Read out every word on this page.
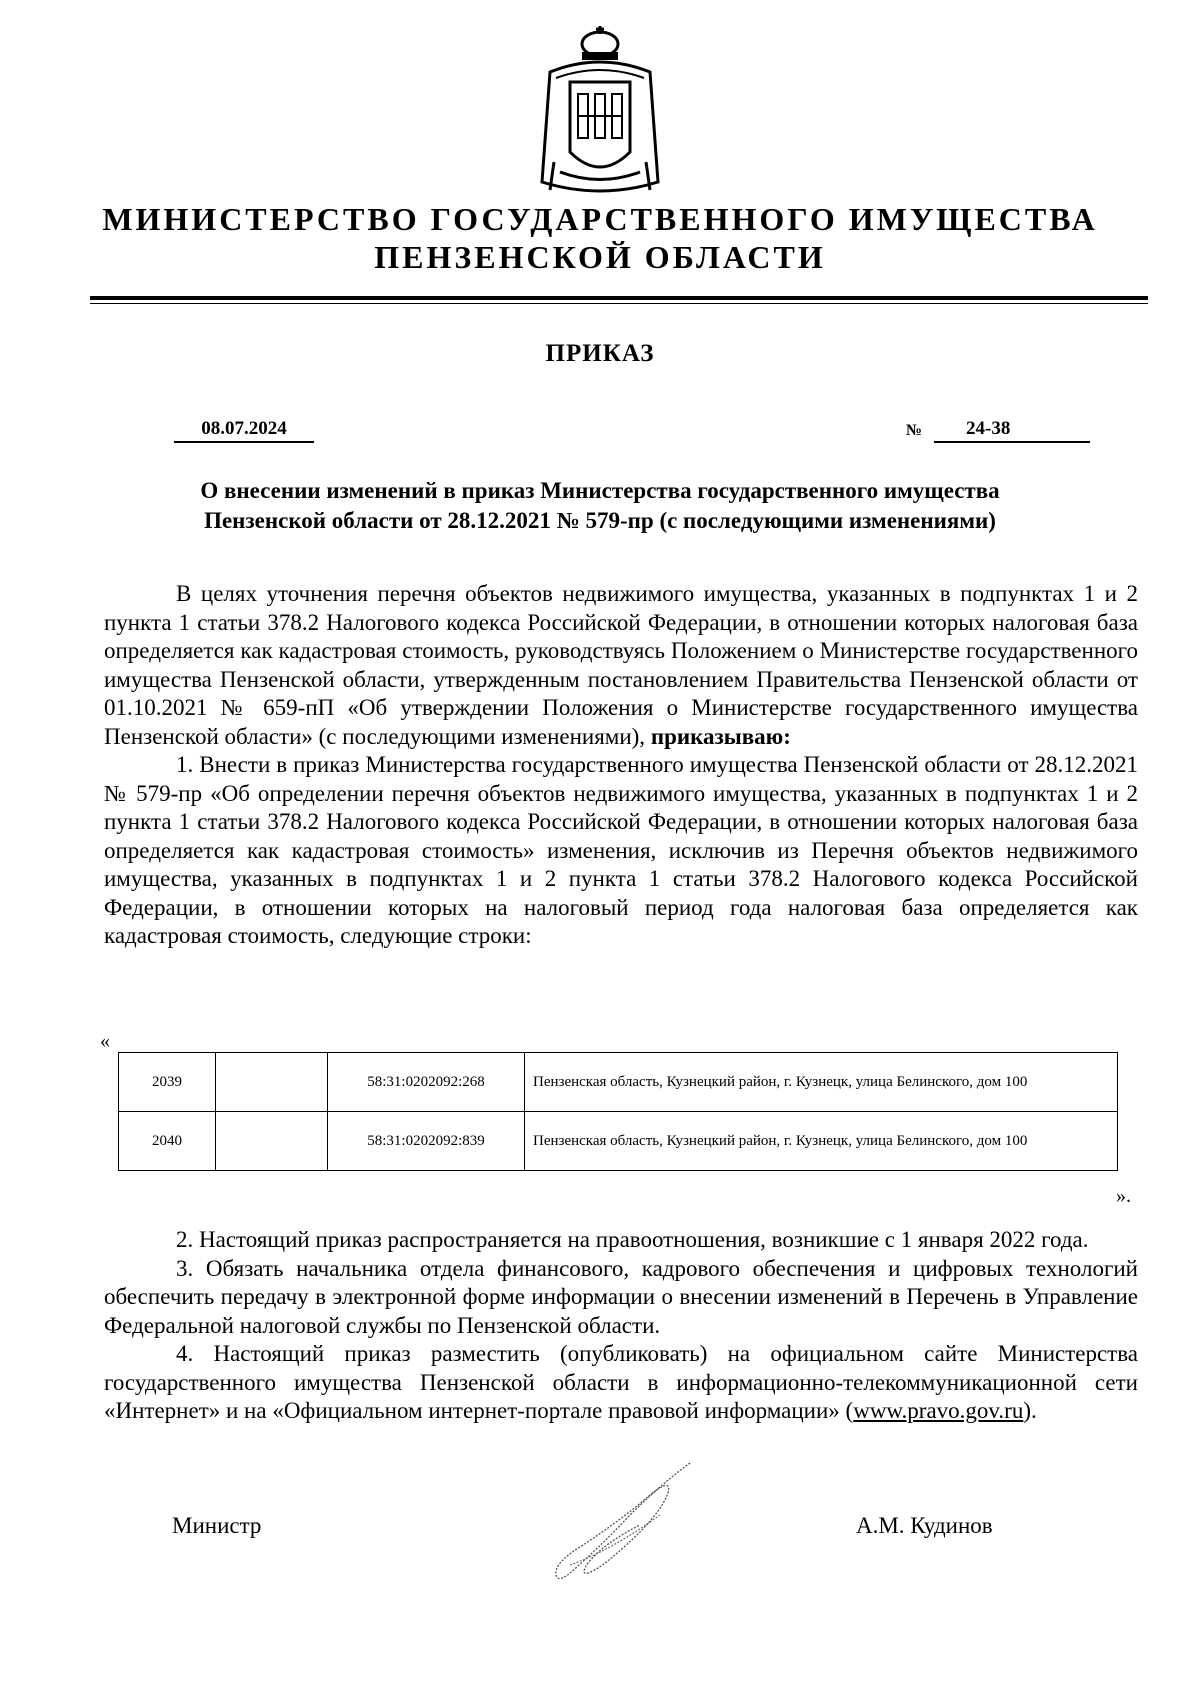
МИНИСТЕРСТВО ГОСУДАРСТВЕННОГО ИМУЩЕСТВА
ПЕНЗЕНСКОЙ ОБЛАСТИ
ПРИКАЗ
08.07.2024	№	24-38
О внесении изменений в приказ Министерства государственного имущества
Пензенской области от 28.12.2021 № 579-пр (с последующими изменениями)

В целях уточнения перечня объектов недвижимого имущества, указанных в подпунктах 1 и 2 пункта 1 статьи 378.2 Налогового кодекса Российской Федерации, в отношении которых налоговая база определяется как кадастровая стоимость, руководствуясь Положением о Министерстве государственного имущества Пензенской области, утвержденным постановлением Правительства Пензенской области от 01.10.2021 № 659-пП «Об утверждении Положения о Министерстве государственного имущества Пензенской области» (с последующими изменениями), приказываю:

1. Внести в приказ Министерства государственного имущества Пензенской области от 28.12.2021 № 579-пр «Об определении перечня объектов недвижимого имущества, указанных в подпунктах 1 и 2 пункта 1 статьи 378.2 Налогового кодекса Российской Федерации, в отношении которых налоговая база определяется как кадастровая стоимость» изменения, исключив из Перечня объектов недвижимого имущества, указанных в подпунктах 1 и 2 пункта 1 статьи 378.2 Налогового кодекса Российской Федерации, в отношении которых на налоговый период года налоговая база определяется как кадастровая стоимость, следующие строки:

«
2039		58:31:0202092:268	Пензенская область, Кузнецкий район, г. Кузнецк, улица Белинского, дом 100
2040		58:31:0202092:839	Пензенская область, Кузнецкий район, г. Кузнецк, улица Белинского, дом 100
».

2. Настоящий приказ распространяется на правоотношения, возникшие с 1 января 2022 года.

3. Обязать начальника отдела финансового, кадрового обеспечения и цифровых технологий обеспечить передачу в электронной форме информации о внесении изменений в Перечень в Управление Федеральной налоговой службы по Пензенской области.

4. Настоящий приказ разместить (опубликовать) на официальном сайте Министерства государственного имущества Пензенской области в информационно-телекоммуникационной сети «Интернет» и на «Официальном интернет-портале правовой информации» (www.pravo.gov.ru).

Министр	А.М. Кудинов
